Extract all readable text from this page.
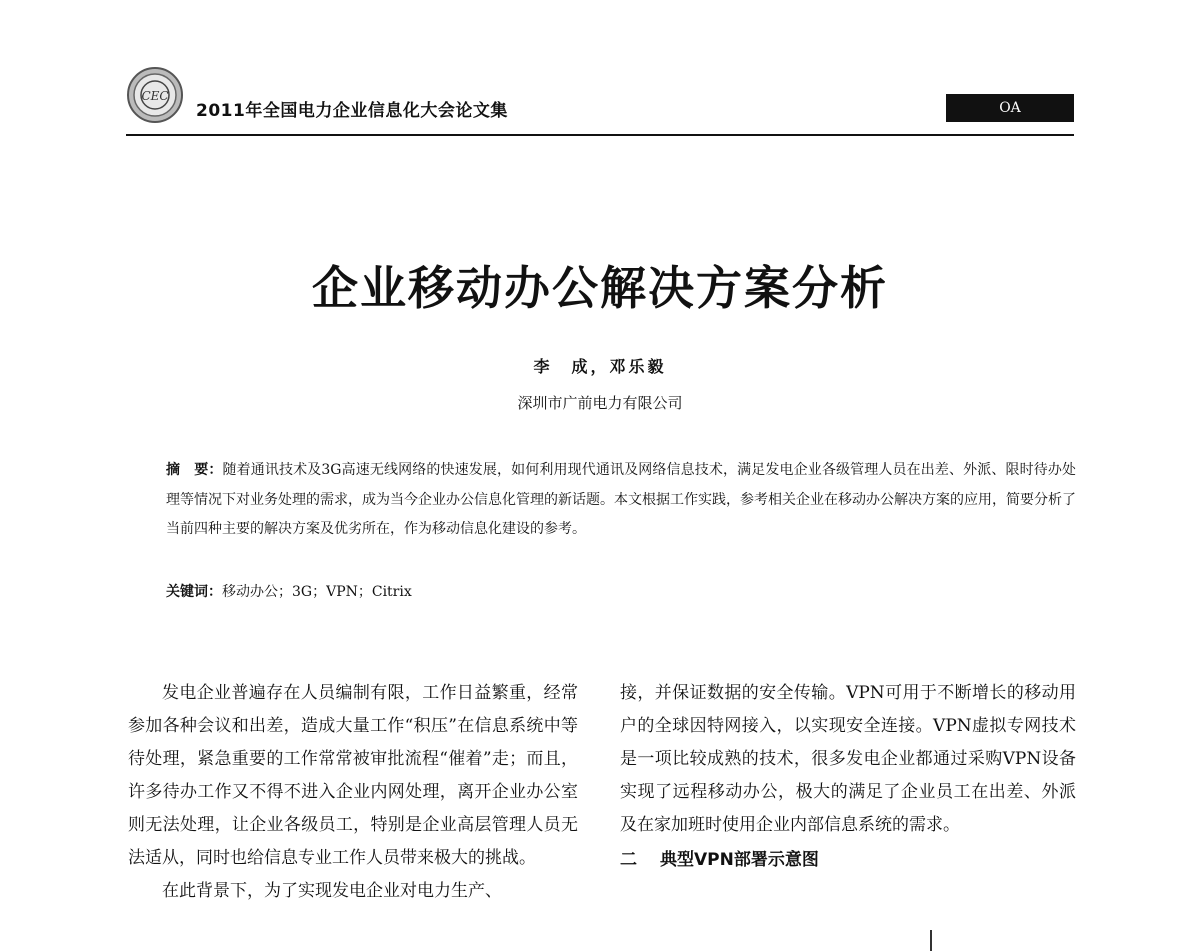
CEC
2011年全国电力企业信息化大会论文集	OA
企业移动办公解决方案分析
李　成，邓乐毅
深圳市广前电力有限公司
摘　要：随着通讯技术及3G高速无线网络的快速发展，如何利用现代通讯及网络信息技术，满足发电企业各级管理人员在出差、外派、限时待办处理等情况下对业务处理的需求，成为当今企业办公信息化管理的新话题。本文根据工作实践，参考相关企业在移动办公解决方案的应用，简要分析了当前四种主要的解决方案及优劣所在，作为移动信息化建设的参考。
关键词：移动办公；3G；VPN；Citrix

发电企业普遍存在人员编制有限，工作日益繁重，经常参加各种会议和出差，造成大量工作“积压”在信息系统中等待处理，紧急重要的工作常常被审批流程“催着”走；而且，许多待办工作又不得不进入企业内网处理，离开企业办公室则无法处理，让企业各级员工，特别是企业高层管理人员无法适从，同时也给信息专业工作人员带来极大的挑战。

在此背景下，为了实现发电企业对电力生产、

接，并保证数据的安全传输。VPN可用于不断增长的移动用户的全球因特网接入，以实现安全连接。VPN虚拟专网技术是一项比较成熟的技术，很多发电企业都通过采购VPN设备实现了远程移动办公，极大的满足了企业员工在出差、外派及在家加班时使用企业内部信息系统的需求。

二 典型VPN部署示意图
